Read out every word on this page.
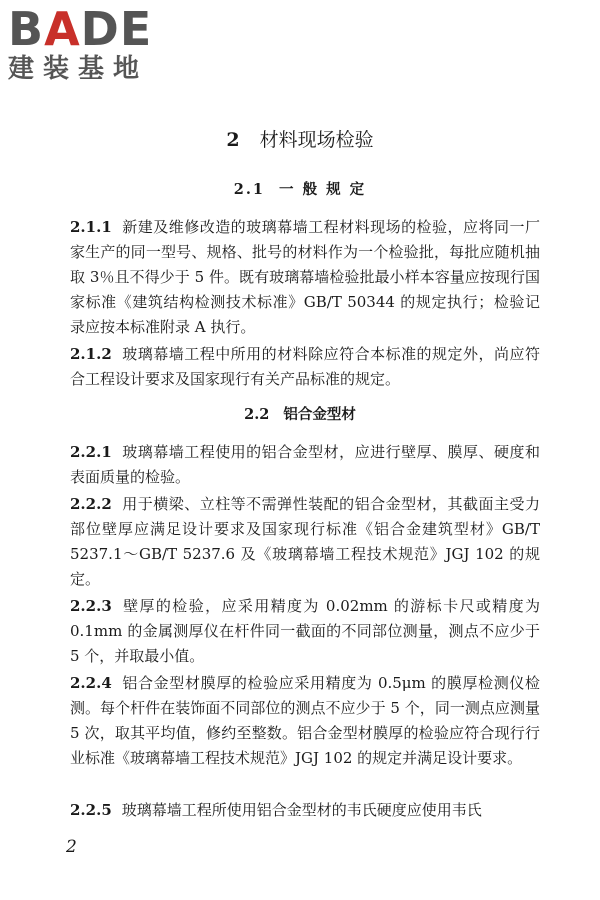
BADE
建装基地
2 材料现场检验
2.1 一 般 规 定

2.1.1 新建及维修改造的玻璃幕墙工程材料现场的检验，应将同一厂家生产的同一型号、规格、批号的材料作为一个检验批，每批应随机抽取 3％且不得少于 5 件。既有玻璃幕墙检验批最小样本容量应按现行国家标准《建筑结构检测技术标准》GB/T 50344 的规定执行；检验记录应按本标准附录 A 执行。

2.1.2 玻璃幕墙工程中所用的材料除应符合本标准的规定外，尚应符合工程设计要求及国家现行有关产品标准的规定。

2.2 铝合金型材

2.2.1 玻璃幕墙工程使用的铝合金型材，应进行壁厚、膜厚、硬度和表面质量的检验。

2.2.2 用于横梁、立柱等不需弹性装配的铝合金型材，其截面主受力部位壁厚应满足设计要求及国家现行标准《铝合金建筑型材》GB/T 5237.1～GB/T 5237.6 及《玻璃幕墙工程技术规范》JGJ 102 的规定。

2.2.3 壁厚的检验，应采用精度为 0.02mm 的游标卡尺或精度为 0.1mm 的金属测厚仪在杆件同一截面的不同部位测量，测点不应少于 5 个，并取最小值。

2.2.4 铝合金型材膜厚的检验应采用精度为 0.5μm 的膜厚检测仪检测。每个杆件在装饰面不同部位的测点不应少于 5 个，同一测点应测量 5 次，取其平均值，修约至整数。铝合金型材膜厚的检验应符合现行行业标准《玻璃幕墙工程技术规范》JGJ 102 的规定并满足设计要求。

2.2.5 玻璃幕墙工程所使用铝合金型材的韦氏硬度应使用韦氏

2
